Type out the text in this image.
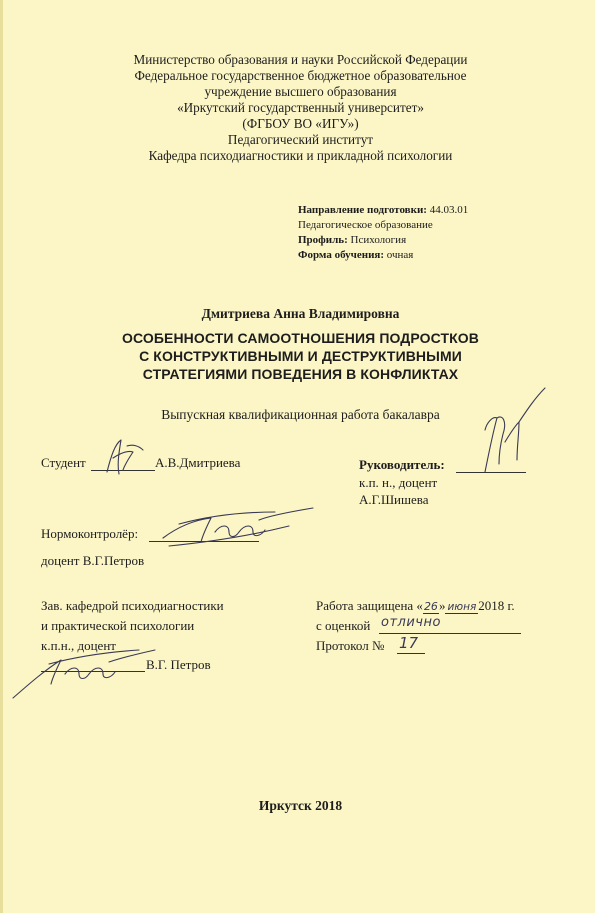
Министерство образования и науки Российской Федерации
Федеральное государственное бюджетное образовательное
учреждение высшего образования
«Иркутский государственный университет»
(ФГБОУ ВО «ИГУ»)
Педагогический институт
Кафедра психодиагностики и прикладной психологии
Направление подготовки: 44.03.01
Педагогическое образование
Профиль: Психология
Форма обучения: очная
Дмитриева Анна Владимировна
ОСОБЕННОСТИ САМООТНОШЕНИЯ ПОДРОСТКОВ
С КОНСТРУКТИВНЫМИ И ДЕСТРУКТИВНЫМИ
СТРАТЕГИЯМИ ПОВЕДЕНИЯ В КОНФЛИКТАХ
Выпускная квалификационная работа бакалавра
Студент	А.В.Дмитриева	Руководитель:
к.п. н., доцент
А.Г.Шишева
Нормоконтролёр:
доцент В.Г.Петров
Зав. кафедрой психодиагностики
и практической психологии
к.п.н., доцент
В.Г. Петров
Работа защищена «26» июня 2018 г.
с оценкой отлично
Протокол № 17
Иркутск 2018
